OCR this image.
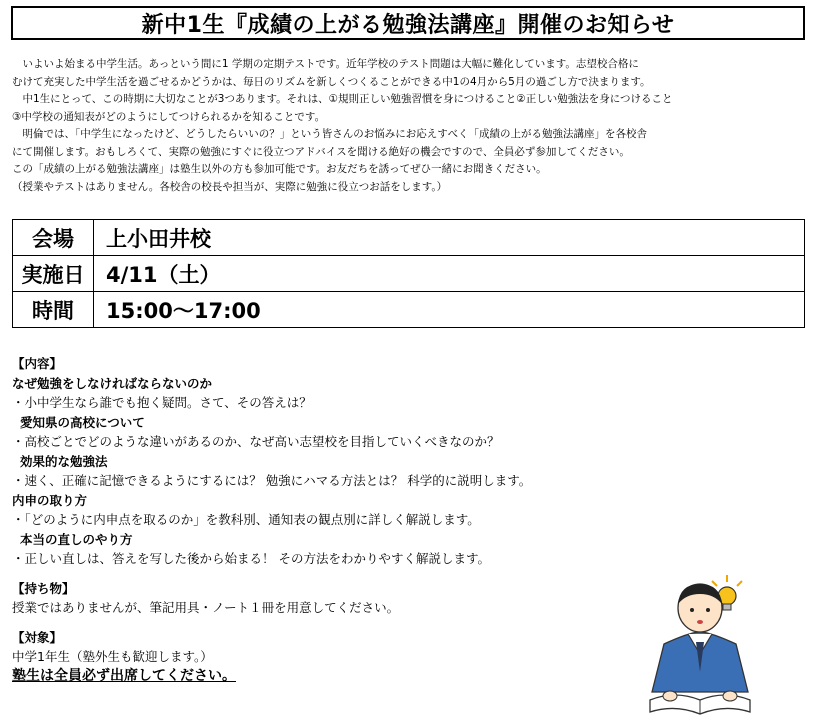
新中1生『成績の上がる勉強法講座』開催のお知らせ

　いよいよ始まる中学生活。あっという間に1 学期の定期テストです。近年学校のテスト問題は大幅に難化しています。志望校合格に

むけて充実した中学生活を過ごせるかどうかは、毎日のリズムを新しくつくることができる中1の4月から5月の過ごし方で決まります。

　中1生にとって、この時期に大切なことが3つあります。それは、①規則正しい勉強習慣を身につけること②正しい勉強法を身につけること

③中学校の通知表がどのようにしてつけられるかを知ることです。

　明倫では、「中学生になったけど、どうしたらいいの？」という皆さんのお悩みにお応えすべく「成績の上がる勉強法講座」を各校舎

にて開催します。おもしろくて、実際の勉強にすぐに役立つアドバイスを聞ける絶好の機会ですので、全員必ず参加してください。

この「成績の上がる勉強法講座」は塾生以外の方も参加可能です。お友だちを誘ってぜひ一緒にお聞きください。

（授業やテストはありません。各校舎の校長や担当が、実際に勉強に役立つお話をします。）

会場	上小田井校
実施日	4/11（土）
時間	15:00〜17:00
【内容】
なぜ勉強をしなければならないのか
・小中学生なら誰でも抱く疑問。さて、その答えは？
愛知県の高校について
・高校ごとでどのような違いがあるのか、なぜ高い志望校を目指していくべきなのか？
効果的な勉強法
・速く、正確に記憶できるようにするには？ 勉強にハマる方法とは？ 科学的に説明します。
内申の取り方
・「どのように内申点を取るのか」を教科別、通知表の観点別に詳しく解説します。
本当の直しのやり方
・正しい直しは、答えを写した後から始まる！ その方法をわかりやすく解説します。
【持ち物】
授業ではありませんが、筆記用具・ノート１冊を用意してください。
【対象】
中学1年生（塾外生も歓迎します。）
塾生は全員必ず出席してください。
